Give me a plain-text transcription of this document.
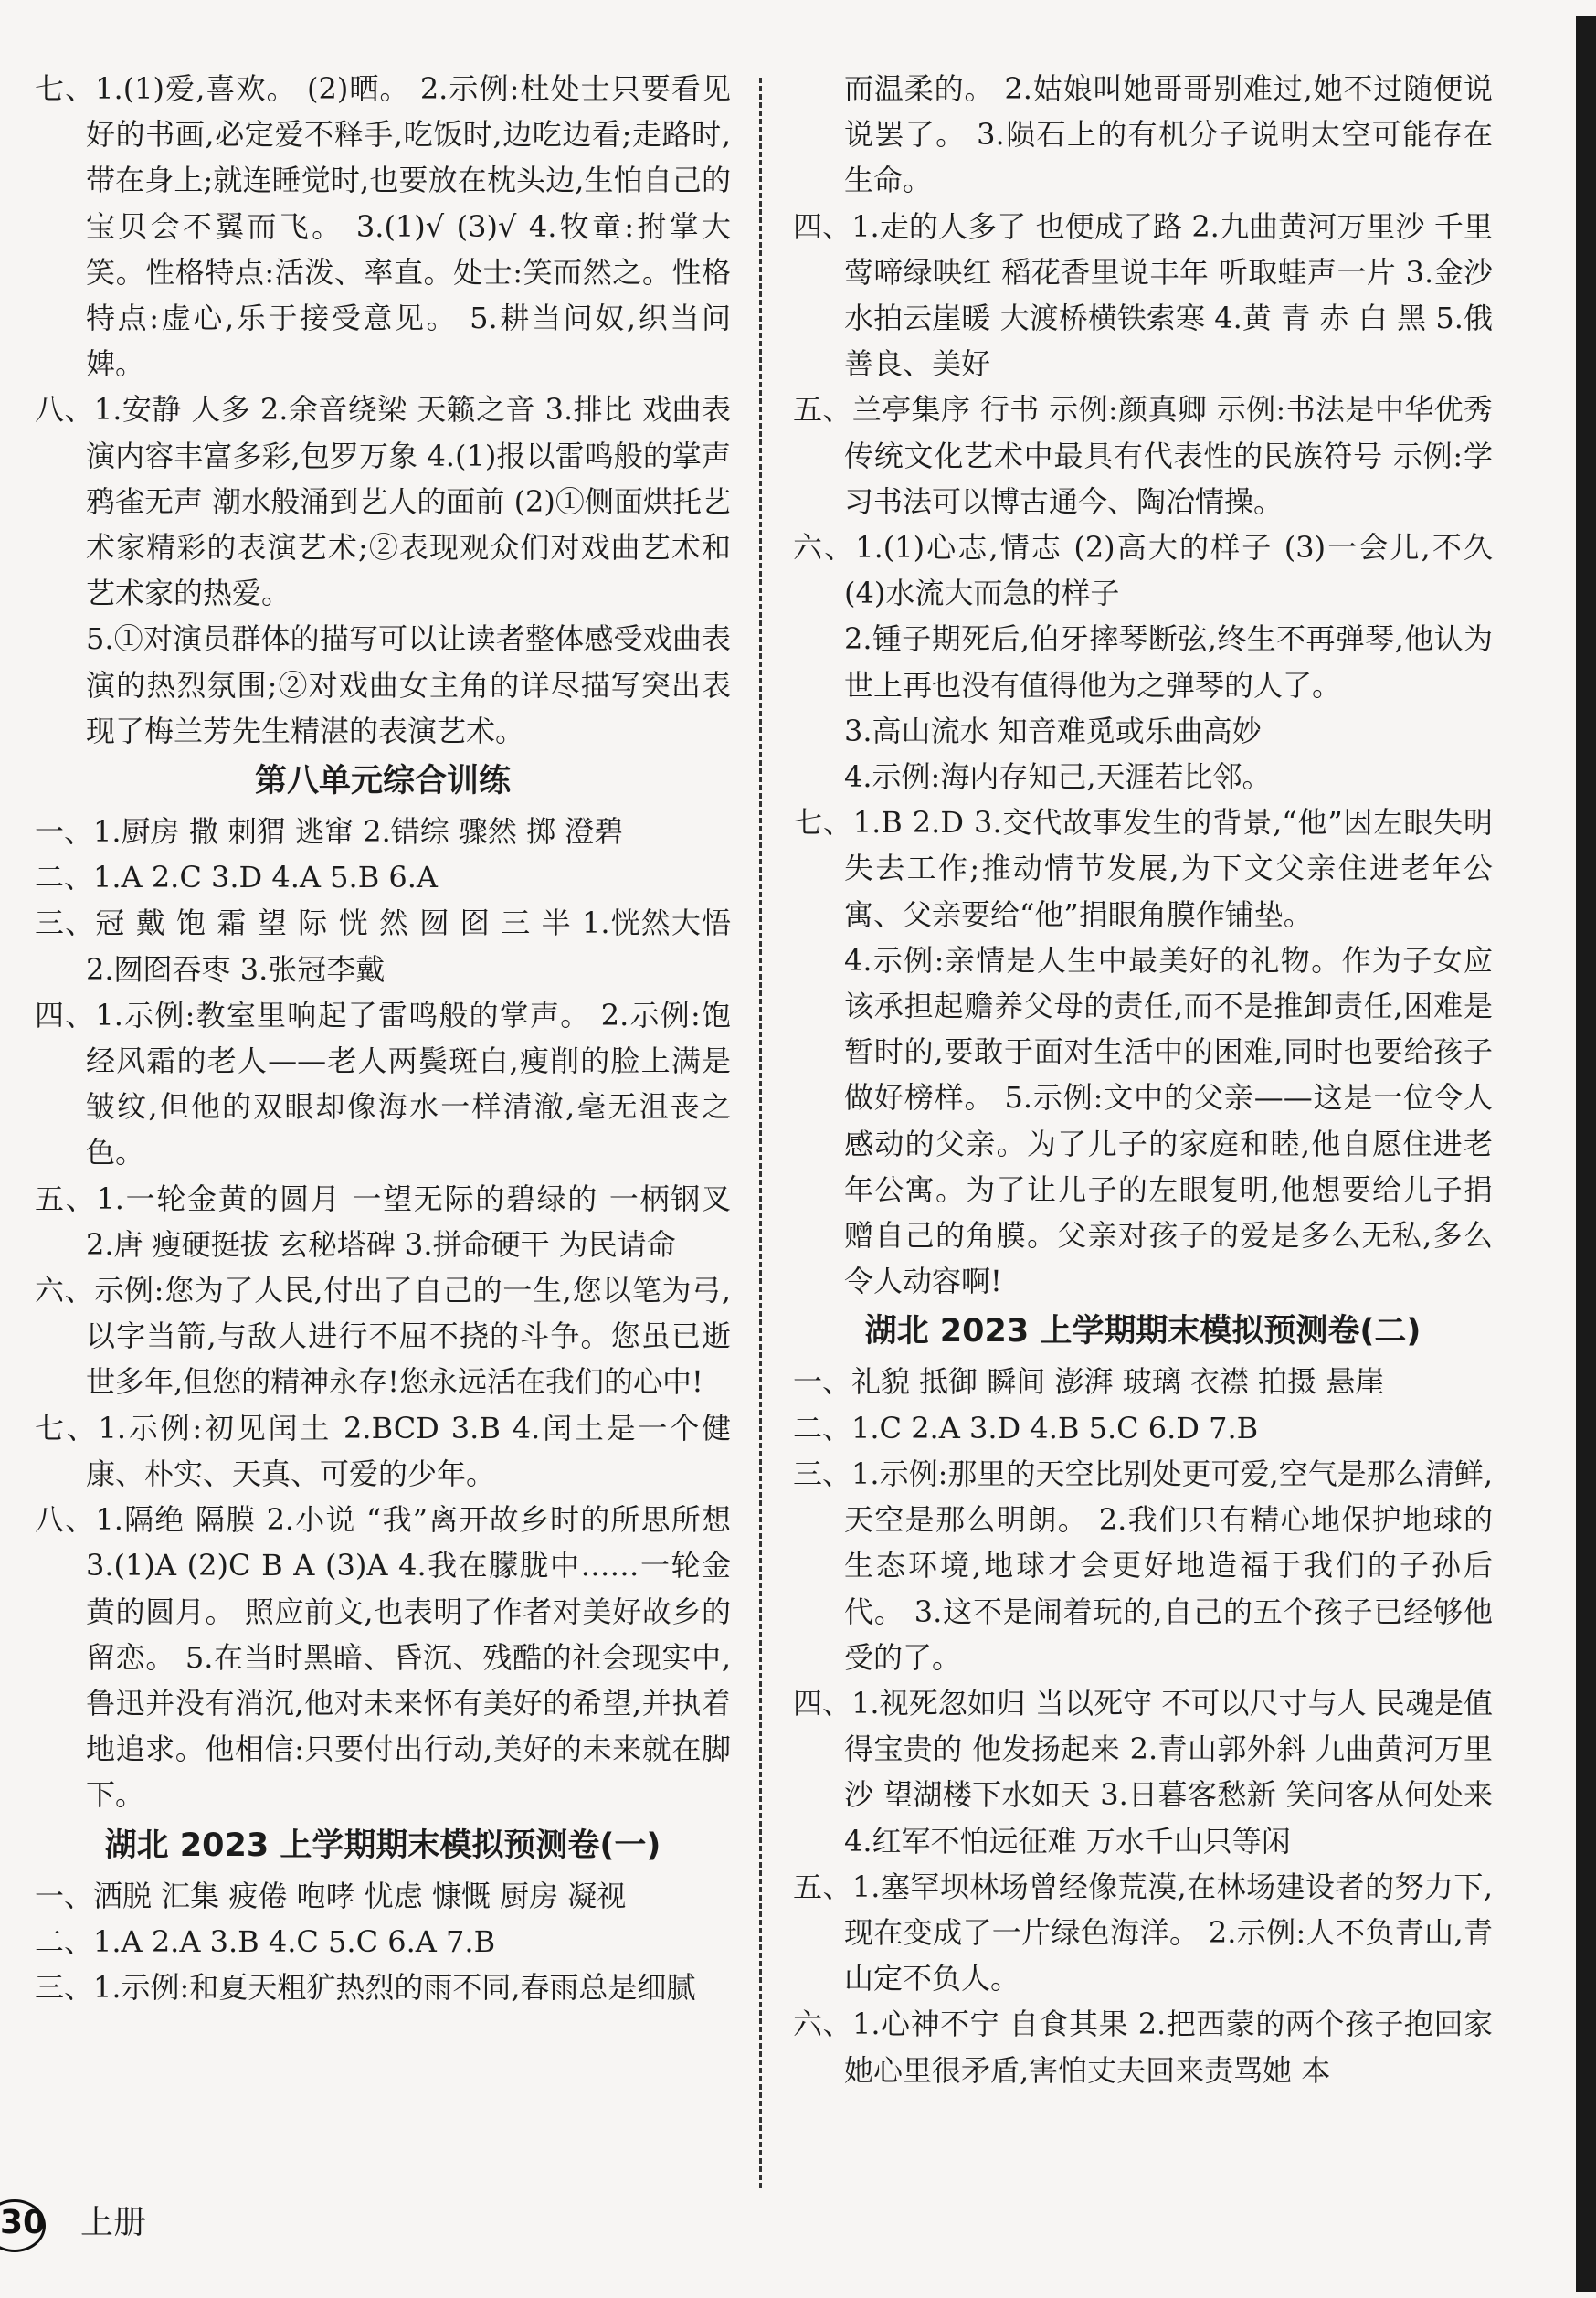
七、1.(1)爱,喜欢。 (2)晒。 2.示例:杜处士只要看见好的书画,必定爱不释手,吃饭时,边吃边看;走路时,带在身上;就连睡觉时,也要放在枕头边,生怕自己的宝贝会不翼而飞。 3.(1)√ (3)√ 4.牧童:拊掌大笑。性格特点:活泼、率直。处士:笑而然之。性格特点:虚心,乐于接受意见。 5.耕当问奴,织当问婢。

八、1.安静 人多 2.余音绕梁 天籁之音 3.排比 戏曲表演内容丰富多彩,包罗万象 4.(1)报以雷鸣般的掌声 鸦雀无声 潮水般涌到艺人的面前 (2)①侧面烘托艺术家精彩的表演艺术;②表现观众们对戏曲艺术和艺术家的热爱。

5.①对演员群体的描写可以让读者整体感受戏曲表演的热烈氛围;②对戏曲女主角的详尽描写突出表现了梅兰芳先生精湛的表演艺术。

第八单元综合训练

一、1.厨房 撒 刺猬 逃窜 2.错综 骤然 掷 澄碧

二、1.A 2.C 3.D 4.A 5.B 6.A

三、冠 戴 饱 霜 望 际 恍 然 囫 囵 三 半 1.恍然大悟 2.囫囵吞枣 3.张冠李戴

四、1.示例:教室里响起了雷鸣般的掌声。 2.示例:饱经风霜的老人——老人两鬓斑白,瘦削的脸上满是皱纹,但他的双眼却像海水一样清澈,毫无沮丧之色。

五、1.一轮金黄的圆月 一望无际的碧绿的 一柄钢叉 2.唐 瘦硬挺拔 玄秘塔碑 3.拼命硬干 为民请命

六、示例:您为了人民,付出了自己的一生,您以笔为弓,以字当箭,与敌人进行不屈不挠的斗争。您虽已逝世多年,但您的精神永存!您永远活在我们的心中!

七、1.示例:初见闰土 2.BCD 3.B 4.闰土是一个健康、朴实、天真、可爱的少年。

八、1.隔绝 隔膜 2.小说 “我”离开故乡时的所思所想 3.(1)A (2)C B A (3)A 4.我在朦胧中……一轮金黄的圆月。 照应前文,也表明了作者对美好故乡的留恋。 5.在当时黑暗、昏沉、残酷的社会现实中,鲁迅并没有消沉,他对未来怀有美好的希望,并执着地追求。他相信:只要付出行动,美好的未来就在脚下。

湖北 2023 上学期期末模拟预测卷(一)

一、洒脱 汇集 疲倦 咆哮 忧虑 慷慨 厨房 凝视

二、1.A 2.A 3.B 4.C 5.C 6.A 7.B

三、1.示例:和夏天粗犷热烈的雨不同,春雨总是细腻

而温柔的。 2.姑娘叫她哥哥别难过,她不过随便说说罢了。 3.陨石上的有机分子说明太空可能存在生命。

四、1.走的人多了 也便成了路 2.九曲黄河万里沙 千里莺啼绿映红 稻花香里说丰年 听取蛙声一片 3.金沙水拍云崖暖 大渡桥横铁索寒 4.黄 青 赤 白 黑 5.俄 善良、美好

五、兰亭集序 行书 示例:颜真卿 示例:书法是中华优秀传统文化艺术中最具有代表性的民族符号 示例:学习书法可以博古通今、陶冶情操。

六、1.(1)心志,情志 (2)高大的样子 (3)一会儿,不久 (4)水流大而急的样子

2.锺子期死后,伯牙摔琴断弦,终生不再弹琴,他认为世上再也没有值得他为之弹琴的人了。

3.高山流水 知音难觅或乐曲高妙

4.示例:海内存知己,天涯若比邻。

七、1.B 2.D 3.交代故事发生的背景,“他”因左眼失明失去工作;推动情节发展,为下文父亲住进老年公寓、父亲要给“他”捐眼角膜作铺垫。

4.示例:亲情是人生中最美好的礼物。作为子女应该承担起赡养父母的责任,而不是推卸责任,困难是暂时的,要敢于面对生活中的困难,同时也要给孩子做好榜样。 5.示例:文中的父亲——这是一位令人感动的父亲。为了儿子的家庭和睦,他自愿住进老年公寓。为了让儿子的左眼复明,他想要给儿子捐赠自己的角膜。父亲对孩子的爱是多么无私,多么令人动容啊!

湖北 2023 上学期期末模拟预测卷(二)

一、礼貌 抵御 瞬间 澎湃 玻璃 衣襟 拍摄 悬崖

二、1.C 2.A 3.D 4.B 5.C 6.D 7.B

三、1.示例:那里的天空比别处更可爱,空气是那么清鲜,天空是那么明朗。 2.我们只有精心地保护地球的生态环境,地球才会更好地造福于我们的子孙后代。 3.这不是闹着玩的,自己的五个孩子已经够他受的了。

四、1.视死忽如归 当以死守 不可以尺寸与人 民魂是值得宝贵的 他发扬起来 2.青山郭外斜 九曲黄河万里沙 望湖楼下水如天 3.日暮客愁新 笑问客从何处来 4.红军不怕远征难 万水千山只等闲

五、1.塞罕坝林场曾经像荒漠,在林场建设者的努力下,现在变成了一片绿色海洋。 2.示例:人不负青山,青山定不负人。

六、1.心神不宁 自食其果 2.把西蒙的两个孩子抱回家 她心里很矛盾,害怕丈夫回来责骂她 本

30 上册
